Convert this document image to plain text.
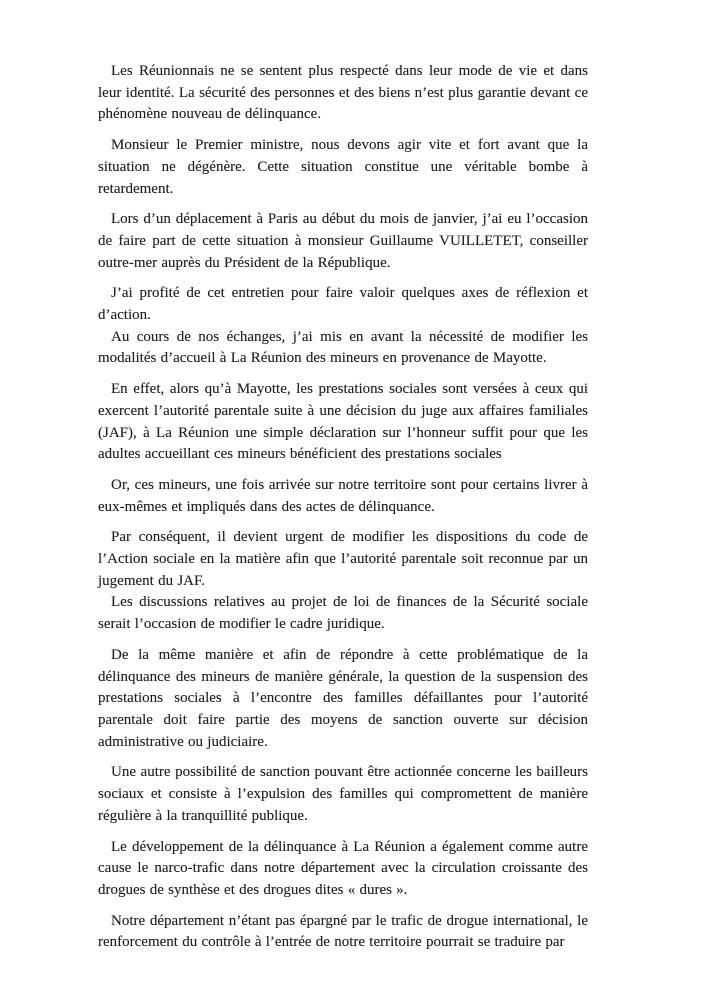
Les Réunionnais ne se sentent plus respecté dans leur mode de vie et dans leur identité. La sécurité des personnes et des biens n’est plus garantie devant ce phénomène nouveau de délinquance.

Monsieur le Premier ministre, nous devons agir vite et fort avant que la situation ne dégénère. Cette situation constitue une véritable bombe à retardement.

Lors d’un déplacement à Paris au début du mois de janvier, j’ai eu l’occasion de faire part de cette situation à monsieur Guillaume VUILLETET, conseiller outre-mer auprès du Président de la République.

J’ai profité de cet entretien pour faire valoir quelques axes de réflexion et d’action.

Au cours de nos échanges, j’ai mis en avant la nécessité de modifier les modalités d’accueil à La Réunion des mineurs en provenance de Mayotte.

En effet, alors qu’à Mayotte, les prestations sociales sont versées à ceux qui exercent l’autorité parentale suite à une décision du juge aux affaires familiales (JAF), à La Réunion une simple déclaration sur l’honneur suffit pour que les adultes accueillant ces mineurs bénéficient des prestations sociales

Or, ces mineurs, une fois arrivée sur notre territoire sont pour certains livrer à eux-mêmes et impliqués dans des actes de délinquance.

Par conséquent, il devient urgent de modifier les dispositions du code de l’Action sociale en la matière afin que l’autorité parentale soit reconnue par un jugement du JAF.

Les discussions relatives au projet de loi de finances de la Sécurité sociale serait l’occasion de modifier le cadre juridique.

De la même manière et afin de répondre à cette problématique de la délinquance des mineurs de manière générale, la question de la suspension des prestations sociales à l’encontre des familles défaillantes pour l’autorité parentale doit faire partie des moyens de sanction ouverte sur décision administrative ou judiciaire.

Une autre possibilité de sanction pouvant être actionnée concerne les bailleurs sociaux et consiste à l’expulsion des familles qui compromettent de manière régulière à la tranquillité publique.

Le développement de la délinquance à La Réunion a également comme autre cause le narco-trafic dans notre département avec la circulation croissante des drogues de synthèse et des drogues dites « dures ».

Notre département n’étant pas épargné par le trafic de drogue international, le renforcement du contrôle à l’entrée de notre territoire pourrait se traduire par
